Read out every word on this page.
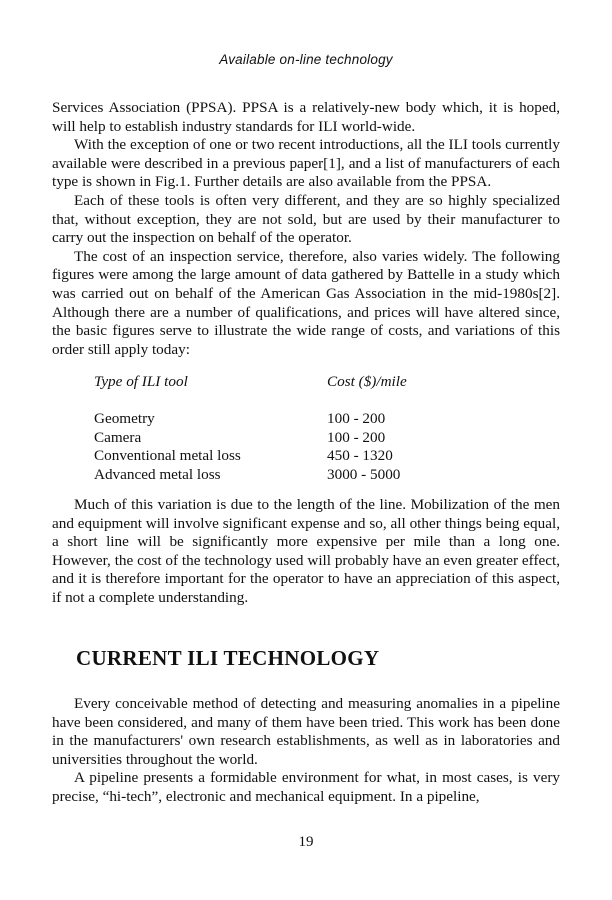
Available on-line technology

Services Association (PPSA). PPSA is a relatively-new body which, it is hoped, will help to establish industry standards for ILI world-wide.

With the exception of one or two recent introductions, all the ILI tools currently available were described in a previous paper[1], and a list of manufacturers of each type is shown in Fig.1. Further details are also available from the PPSA.

Each of these tools is often very different, and they are so highly specialized that, without exception, they are not sold, but are used by their manufacturer to carry out the inspection on behalf of the operator.

The cost of an inspection service, therefore, also varies widely. The following figures were among the large amount of data gathered by Battelle in a study which was carried out on behalf of the American Gas Association in the mid-1980s[2]. Although there are a number of qualifications, and prices will have altered since, the basic figures serve to illustrate the wide range of costs, and variations of this order still apply today:

Type of ILI tool	Cost ($)/mile
Geometry	100 - 200
Camera	100 - 200
Conventional metal loss	450 - 1320
Advanced metal loss	3000 - 5000

Much of this variation is due to the length of the line. Mobilization of the men and equipment will involve significant expense and so, all other things being equal, a short line will be significantly more expensive per mile than a long one. However, the cost of the technology used will probably have an even greater effect, and it is therefore important for the operator to have an appreciation of this aspect, if not a complete understanding.

CURRENT ILI TECHNOLOGY

Every conceivable method of detecting and measuring anomalies in a pipeline have been considered, and many of them have been tried. This work has been done in the manufacturers' own research establishments, as well as in laboratories and universities throughout the world.

A pipeline presents a formidable environment for what, in most cases, is very precise, “hi-tech”, electronic and mechanical equipment. In a pipeline,

19
